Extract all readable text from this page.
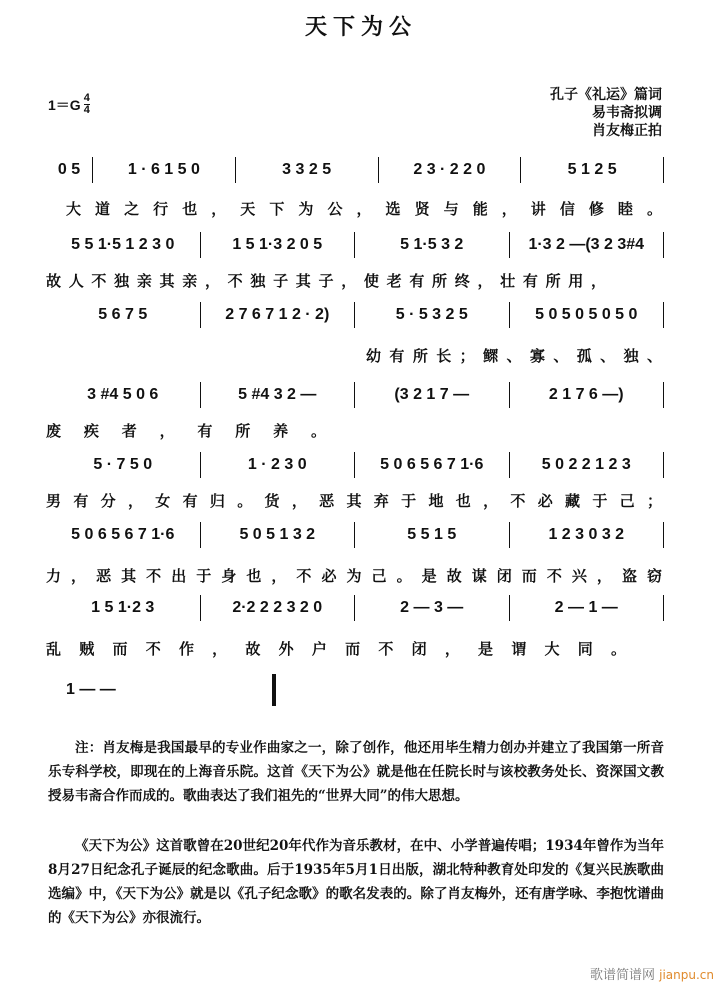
天下为公
$1=G \frac{4}{4}$	孔子《礼运》篇词
易韦斋拟调
肖友梅正拍
0 5	1 · 6 1 5 0	3 3 2 5	2 3 · 2 2 0	5 1 2 5
5 5 1·5 1 2 3 0	1 5 1·3 2 0 5	5 1·5 3 2	1·3 2 —(3 2 3#4
5 6 7 5	2 7 6 7 1 2 · 2)	5 · 5 3 2 5	5 0 5 0 5 0 5 0
3 #4 5 0 6	5 #4 3 2 —	(3 2 1 7 —	2 1 7 6 —)
5 · 7 5 0	1 · 2 3 0	5 0 6 5 6 7 1·6	5 0 2 2 1 2 3
5 0 6 5 6 7 1·6	5 0 5 1 3 2	5 5 1 5	1 2 3 0 3 2
1 5 1·2 3	2·2 2 2 3 2 0	2 — 3 —	2 — 1 —
1 — —
大道之行也，天下为公，选贤与能，讲信修睦。
故人不独亲其亲，不独子其子，使老有所终，壮有所用，
幼有所长；鳏、寡、孤、独、
废疾者，有所养。
男有分，女有归。货，恶其弃于地也，不必藏于己；
力，恶其不出于身也，不必为己。是故谋闭而不兴，盗窃
乱贼而不作，故外户而不闭，是谓大同。
注：肖友梅是我国最早的专业作曲家之一，除了创作，他还用毕生精力创办并建立了我国第一所音乐专科学校，即现在的上海音乐院。这首《天下为公》就是他在任院长时与该校教务处长、资深国文教授易韦斋合作而成的。歌曲表达了我们祖先的“世界大同”的伟大思想。
《天下为公》这首歌曾在20世纪20年代作为音乐教材，在中、小学普遍传唱；1934年曾作为当年8月27日纪念孔子诞辰的纪念歌曲。后于1935年5月1日出版，湖北特种教育处印发的《复兴民族歌曲选编》中，《天下为公》就是以《孔子纪念歌》的歌名发表的。除了肖友梅外，还有唐学咏、李抱忱谱曲的《天下为公》亦很流行。
歌谱简谱网 jianpu.cn
